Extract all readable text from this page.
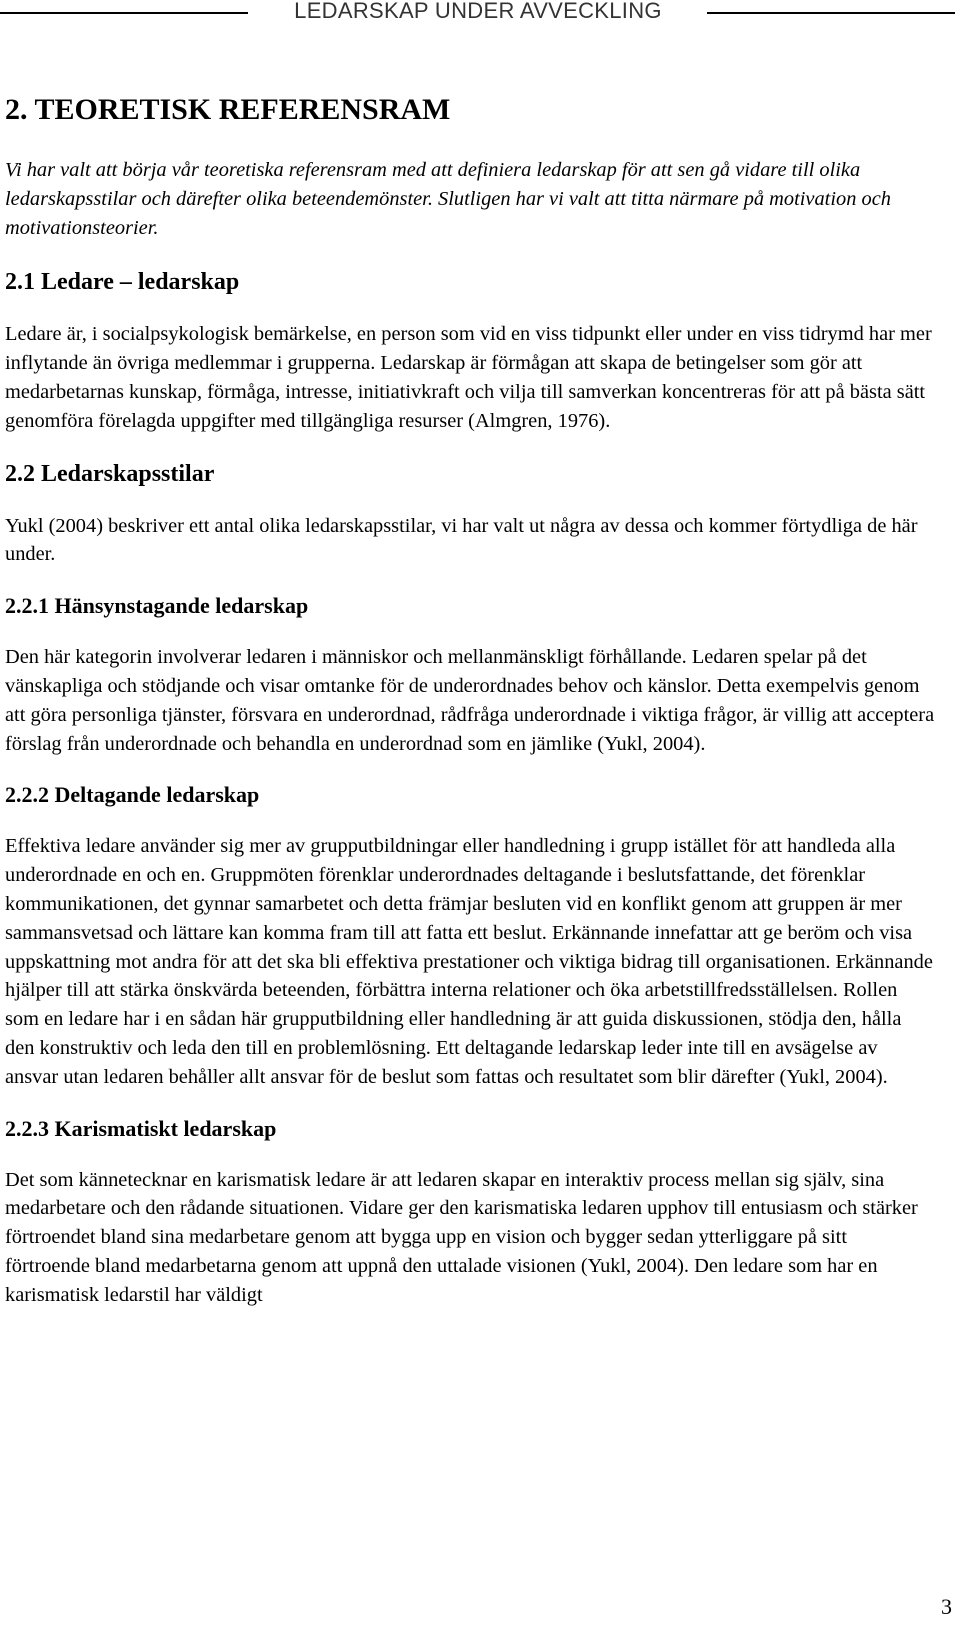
LEDARSKAP UNDER AVVECKLING
2. TEORETISK REFERENSRAM

Vi har valt att börja vår teoretiska referensram med att definiera ledarskap för att sen gå vidare till olika ledarskapsstilar och därefter olika beteendemönster. Slutligen har vi valt att titta närmare på motivation och motivationsteorier.

2.1 Ledare – ledarskap

Ledare är, i socialpsykologisk bemärkelse, en person som vid en viss tidpunkt eller under en viss tidrymd har mer inflytande än övriga medlemmar i grupperna. Ledarskap är förmågan att skapa de betingelser som gör att medarbetarnas kunskap, förmåga, intresse, initiativkraft och vilja till samverkan koncentreras för att på bästa sätt genomföra förelagda uppgifter med tillgängliga resurser (Almgren, 1976).

2.2 Ledarskapsstilar

Yukl (2004) beskriver ett antal olika ledarskapsstilar, vi har valt ut några av dessa och kommer förtydliga de här under.

2.2.1 Hänsynstagande ledarskap

Den här kategorin involverar ledaren i människor och mellanmänskligt förhållande. Ledaren spelar på det vänskapliga och stödjande och visar omtanke för de underordnades behov och känslor. Detta exempelvis genom att göra personliga tjänster, försvara en underordnad, rådfråga underordnade i viktiga frågor, är villig att acceptera förslag från underordnade och behandla en underordnad som en jämlike (Yukl, 2004).

2.2.2 Deltagande ledarskap

Effektiva ledare använder sig mer av grupputbildningar eller handledning i grupp istället för att handleda alla underordnade en och en. Gruppmöten förenklar underordnades deltagande i beslutsfattande, det förenklar kommunikationen, det gynnar samarbetet och detta främjar besluten vid en konflikt genom att gruppen är mer sammansvetsad och lättare kan komma fram till att fatta ett beslut. Erkännande innefattar att ge beröm och visa uppskattning mot andra för att det ska bli effektiva prestationer och viktiga bidrag till organisationen. Erkännande hjälper till att stärka önskvärda beteenden, förbättra interna relationer och öka arbetstillfredsställelsen. Rollen som en ledare har i en sådan här grupputbildning eller handledning är att guida diskussionen, stödja den, hålla den konstruktiv och leda den till en problemlösning. Ett deltagande ledarskap leder inte till en avsägelse av ansvar utan ledaren behåller allt ansvar för de beslut som fattas och resultatet som blir därefter (Yukl, 2004).

2.2.3 Karismatiskt ledarskap

Det som kännetecknar en karismatisk ledare är att ledaren skapar en interaktiv process mellan sig själv, sina medarbetare och den rådande situationen. Vidare ger den karismatiska ledaren upphov till entusiasm och stärker förtroendet bland sina medarbetare genom att bygga upp en vision och bygger sedan ytterliggare på sitt förtroende bland medarbetarna genom att uppnå den uttalade visionen (Yukl, 2004). Den ledare som har en karismatisk ledarstil har väldigt

3
